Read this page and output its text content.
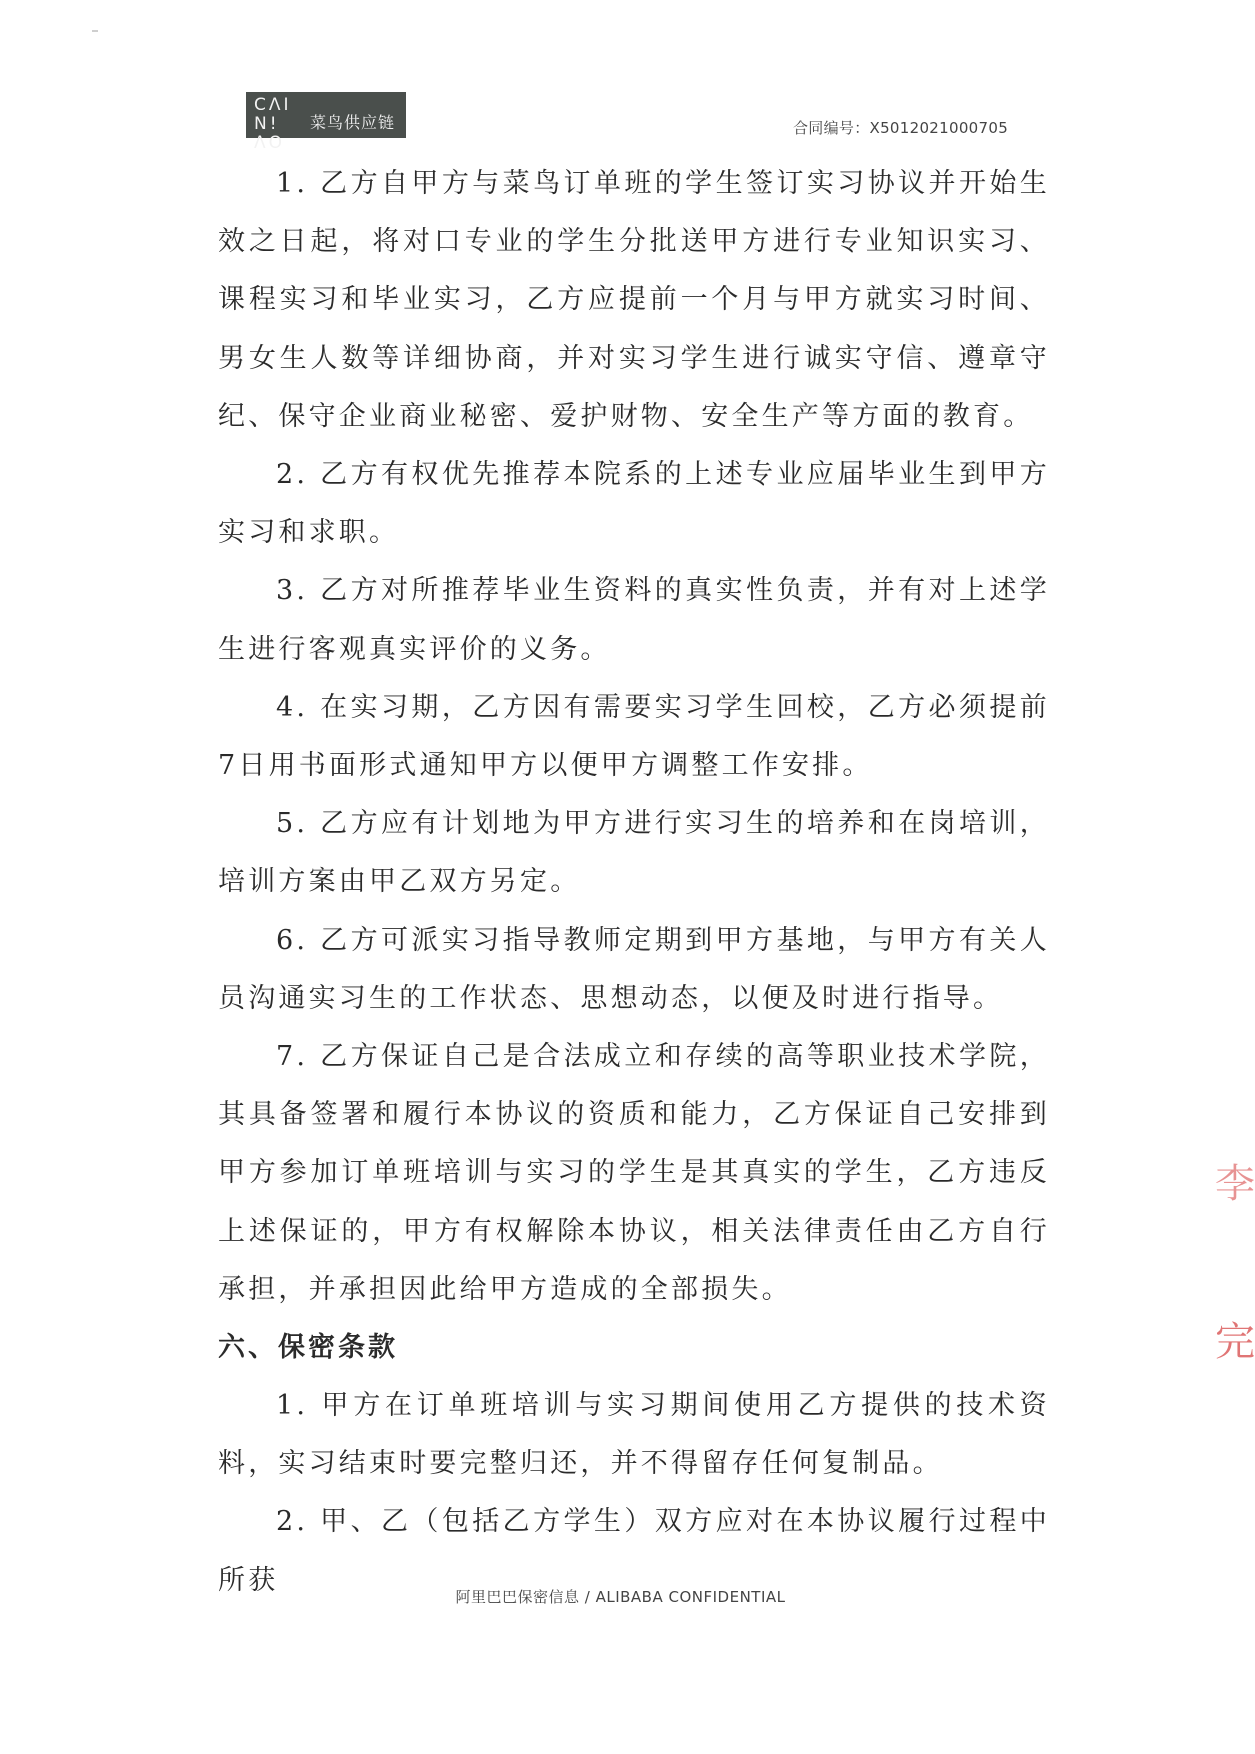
CΛI
N!ΛO
菜鸟供应链	合同编号：X5012021000705

1. 乙方自甲方与菜鸟订单班的学生签订实习协议并开始生效之日起，将对口专业的学生分批送甲方进行专业知识实习、课程实习和毕业实习，乙方应提前一个月与甲方就实习时间、男女生人数等详细协商，并对实习学生进行诚实守信、遵章守纪、保守企业商业秘密、爱护财物、安全生产等方面的教育。

2. 乙方有权优先推荐本院系的上述专业应届毕业生到甲方实习和求职。

3. 乙方对所推荐毕业生资料的真实性负责，并有对上述学生进行客观真实评价的义务。

4. 在实习期，乙方因有需要实习学生回校，乙方必须提前7日用书面形式通知甲方以便甲方调整工作安排。

5. 乙方应有计划地为甲方进行实习生的培养和在岗培训，培训方案由甲乙双方另定。

6. 乙方可派实习指导教师定期到甲方基地，与甲方有关人员沟通实习生的工作状态、思想动态，以便及时进行指导。

7. 乙方保证自己是合法成立和存续的高等职业技术学院，其具备签署和履行本协议的资质和能力，乙方保证自己安排到甲方参加订单班培训与实习的学生是其真实的学生，乙方违反上述保证的，甲方有权解除本协议，相关法律责任由乙方自行承担，并承担因此给甲方造成的全部损失。

六、保密条款

1. 甲方在订单班培训与实习期间使用乙方提供的技术资料，实习结束时要完整归还，并不得留存任何复制品。

2. 甲、乙（包括乙方学生）双方应对在本协议履行过程中所获

李
完
阿里巴巴保密信息 / ALIBABA CONFIDENTIAL
